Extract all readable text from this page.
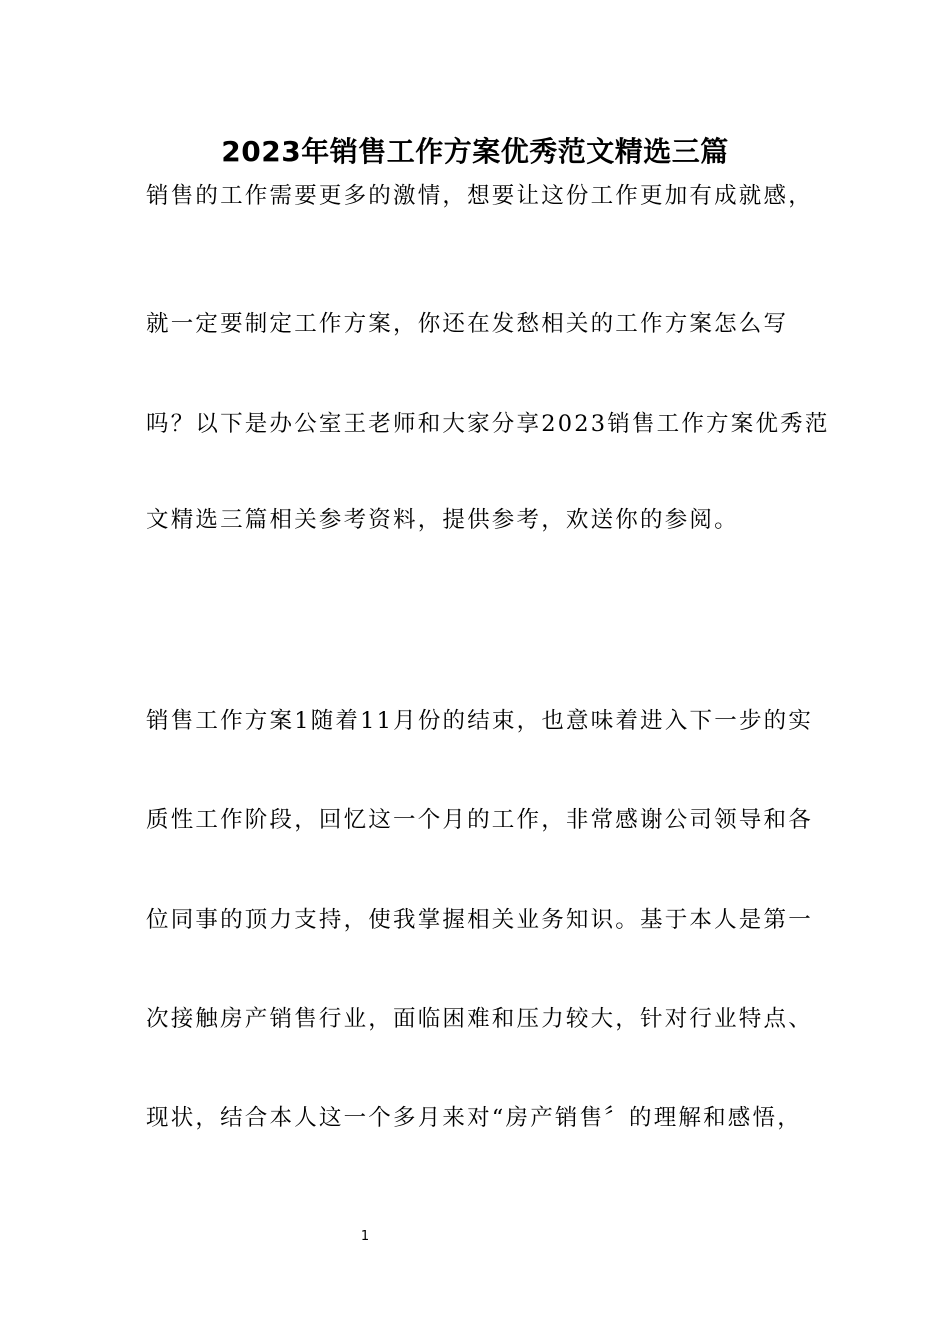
2023年销售工作方案优秀范文精选三篇
销售的工作需要更多的激情，想要让这份工作更加有成就感，
就一定要制定工作方案，你还在发愁相关的工作方案怎么写
吗？以下是办公室王老师和大家分享2023销售工作方案优秀范
文精选三篇相关参考资料，提供参考，欢送你的参阅。
销售工作方案1随着11月份的结束，也意味着进入下一步的实
质性工作阶段，回忆这一个月的工作，非常感谢公司领导和各
位同事的顶力支持，使我掌握相关业务知识。基于本人是第一
次接触房产销售行业，面临困难和压力较大，针对行业特点、
现状，结合本人这一个多月来对“房产销售〞的理解和感悟，
1
